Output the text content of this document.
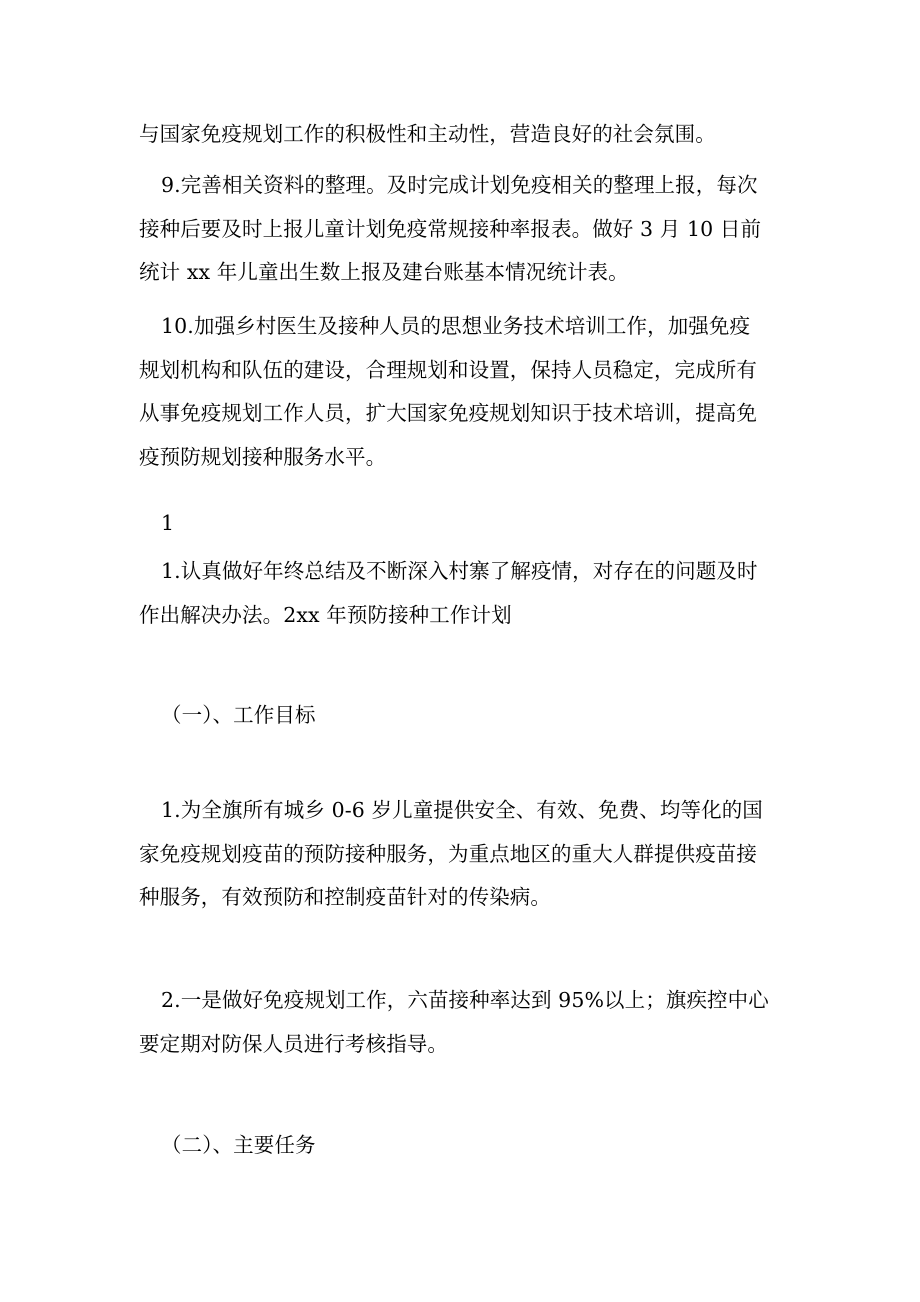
与国家免疫规划工作的积极性和主动性，营造良好的社会氛围。

9.完善相关资料的整理。及时完成计划免疫相关的整理上报，每次
接种后要及时上报儿童计划免疫常规接种率报表。做好 3 月 10 日前
统计 xx 年儿童出生数上报及建台账基本情况统计表。

10.加强乡村医生及接种人员的思想业务技术培训工作，加强免疫
规划机构和队伍的建设，合理规划和设置，保持人员稳定，完成所有
从事免疫规划工作人员，扩大国家免疫规划知识于技术培训，提高免
疫预防规划接种服务水平。

1

1.认真做好年终总结及不断深入村寨了解疫情，对存在的问题及时
作出解决办法。2xx 年预防接种工作计划

（一）、工作目标

1.为全旗所有城乡 0-6 岁儿童提供安全、有效、免费、均等化的国
家免疫规划疫苗的预防接种服务，为重点地区的重大人群提供疫苗接
种服务，有效预防和控制疫苗针对的传染病。

2.一是做好免疫规划工作，六苗接种率达到 95%以上；旗疾控中心
要定期对防保人员进行考核指导。

（二）、主要任务
